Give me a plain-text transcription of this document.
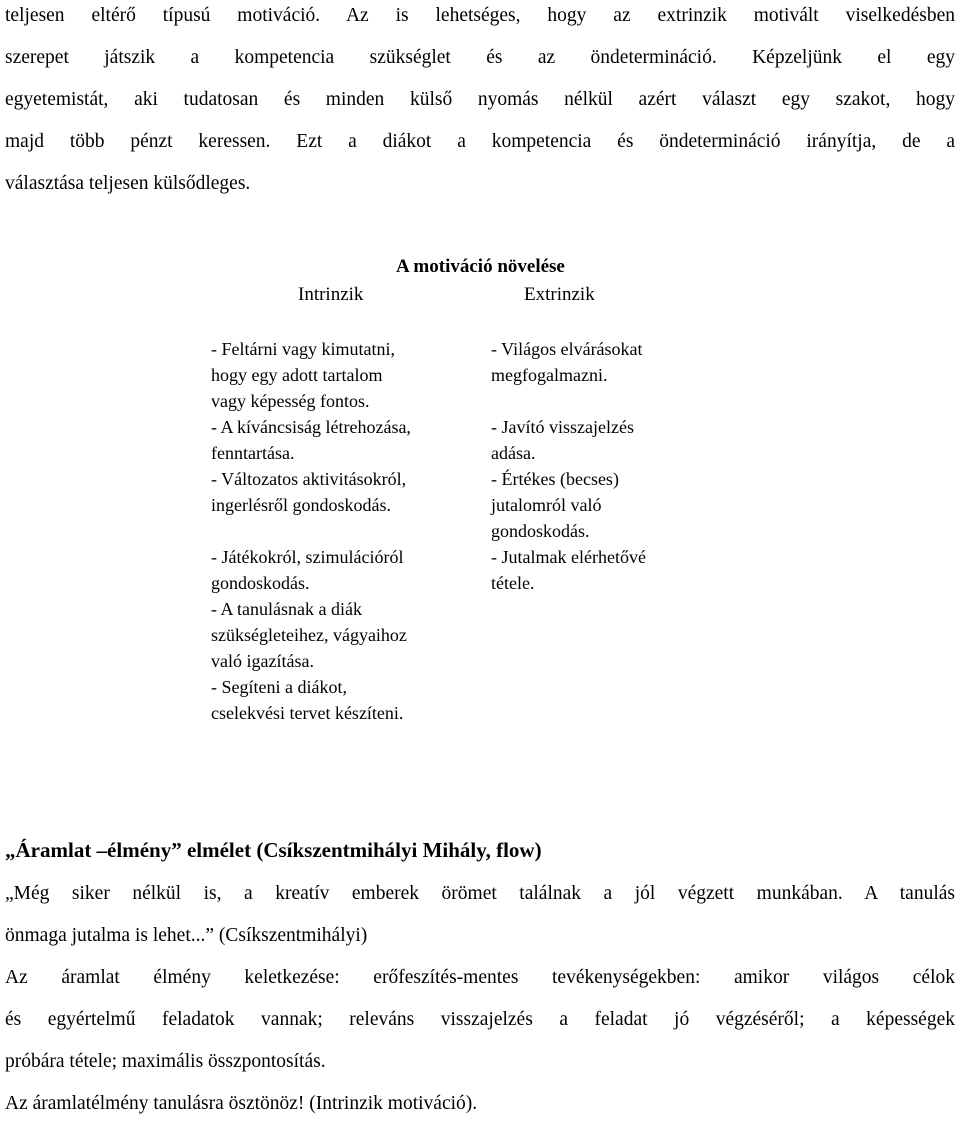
teljesen eltérő típusú motiváció. Az is lehetséges, hogy az extrinzik motivált viselkedésben
szerepet játszik a kompetencia szükséglet és az öndetermináció. Képzeljünk el egy
egyetemistát, aki tudatosan és minden külső nyomás nélkül azért választ egy szakot, hogy
majd több pénzt keressen. Ezt a diákot a kompetencia és öndetermináció irányítja, de a
választása teljesen külsődleges.
A motiváció növelése
Intrinzik	Extrinzik
- Feltárni vagy kimutatni,
hogy egy adott tartalom
vagy képesség fontos.
- A kíváncsiság létrehozása,
fenntartása.
- Változatos aktivitásokról,
ingerlésről gondoskodás.
- Játékokról, szimulációról
gondoskodás.
- A tanulásnak a diák
szükségleteihez, vágyaihoz
való igazítása.
- Segíteni a diákot,
cselekvési tervet készíteni.
- Világos elvárásokat
megfogalmazni.
- Javító visszajelzés
adása.
- Értékes (becses)
jutalomról való
gondoskodás.
- Jutalmak elérhetővé
tétele.
„Áramlat –élmény” elmélet (Csíkszentmihályi Mihály, flow)
„Még siker nélkül is, a kreatív emberek örömet találnak a jól végzett munkában. A tanulás
önmaga jutalma is lehet...” (Csíkszentmihályi)
Az áramlat élmény keletkezése: erőfeszítés-mentes tevékenységekben: amikor világos célok
és egyértelmű feladatok vannak; releváns visszajelzés a feladat jó végzéséről; a képességek
próbára tétele; maximális összpontosítás.
Az áramlatélmény tanulásra ösztönöz! (Intrinzik motiváció).
